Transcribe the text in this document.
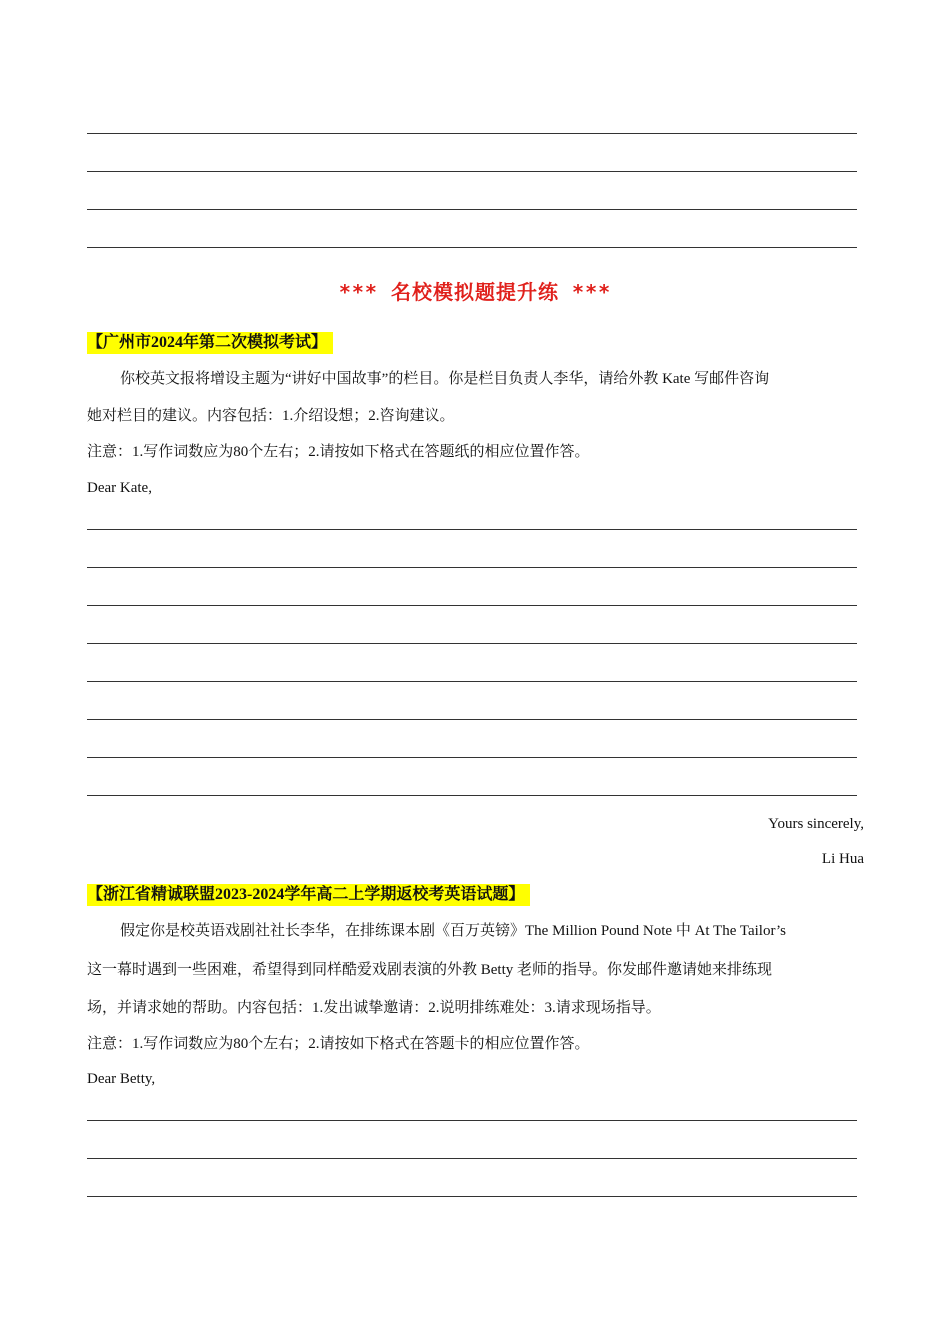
*** 名校模拟题提升练 ***
【广州市2024年第二次模拟考试】
你校英文报将增设主题为“讲好中国故事”的栏目。你是栏目负责人李华，请给外教 Kate 写邮件咨询
她对栏目的建议。内容包括：1.介绍设想；2.咨询建议。
注意：1.写作词数应为80个左右；2.请按如下格式在答题纸的相应位置作答。
Dear Kate,
Yours sincerely,
Li Hua
【浙江省精诚联盟2023-2024学年高二上学期返校考英语试题】
假定你是校英语戏剧社社长李华，在排练课本剧《百万英镑》The Million Pound Note 中 At The Tailor’s
这一幕时遇到一些困难，希望得到同样酷爱戏剧表演的外教 Betty 老师的指导。你发邮件邀请她来排练现
场，并请求她的帮助。内容包括：1.发出诚挚邀请：2.说明排练难处：3.请求现场指导。
注意：1.写作词数应为80个左右；2.请按如下格式在答题卡的相应位置作答。
Dear Betty,
